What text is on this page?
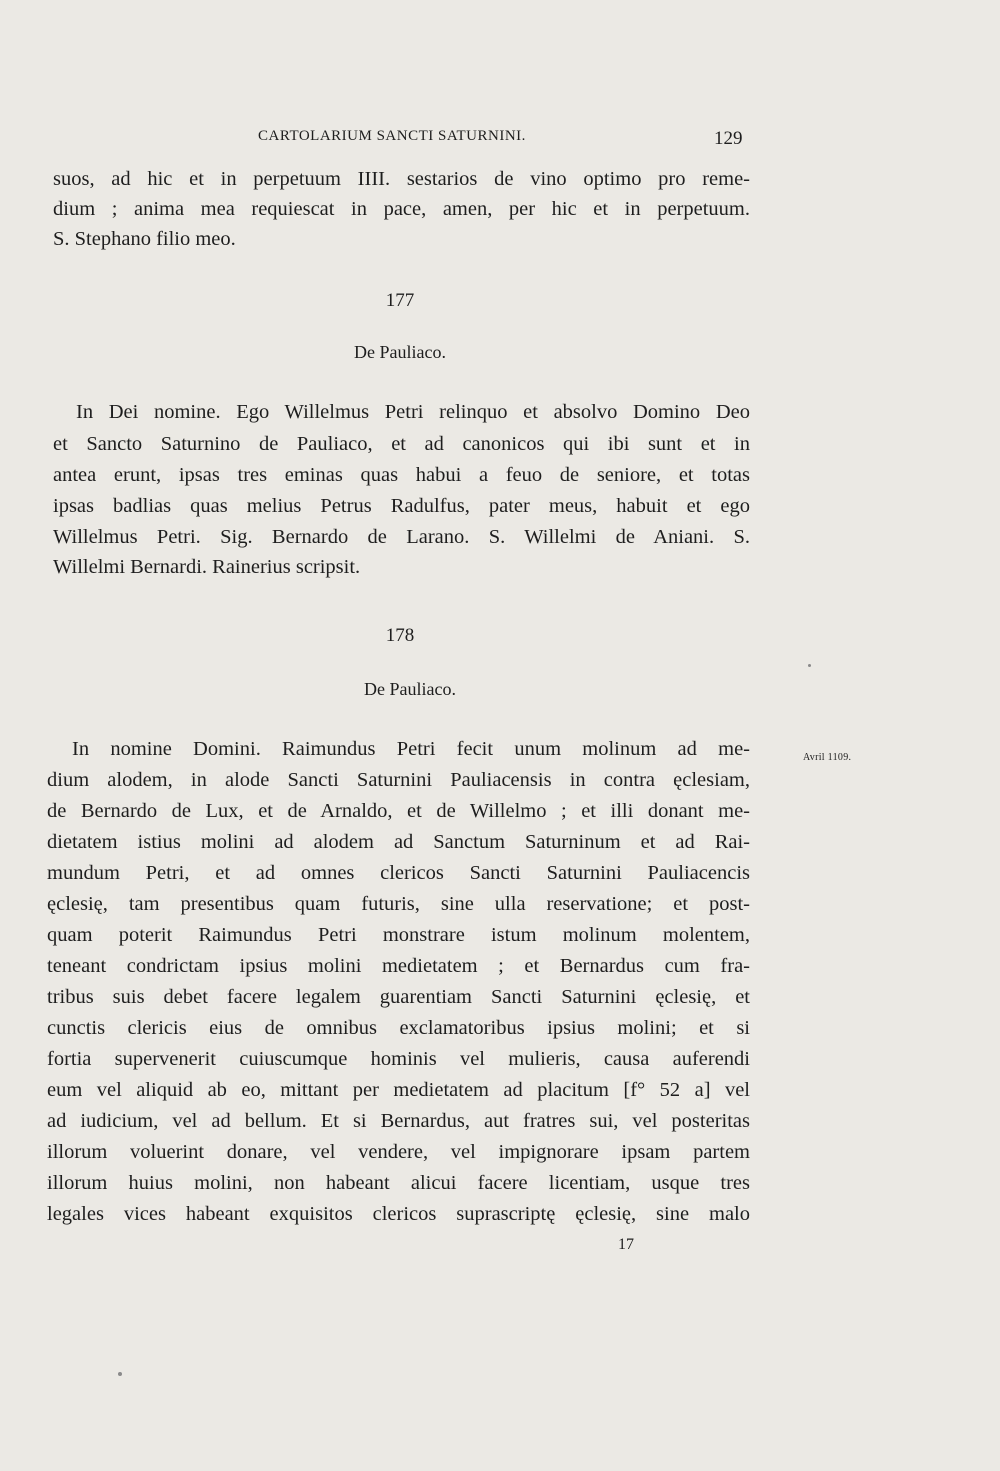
CARTOLARIUM SANCTI SATURNINI.	129
suos, ad hic et in perpetuum IIII. sestarios de vino optimo pro reme-
dium ; anima mea requiescat in pace, amen, per hic et in perpetuum.
S. Stephano filio meo.
177
De Pauliaco.
In Dei nomine. Ego Willelmus Petri relinquo et absolvo Domino Deo
et Sancto Saturnino de Pauliaco, et ad canonicos qui ibi sunt et in
antea erunt, ipsas tres eminas quas habui a feuo de seniore, et totas
ipsas badlias quas melius Petrus Radulfus, pater meus, habuit et ego
Willelmus Petri. Sig. Bernardo de Larano. S. Willelmi de Aniani. S.
Willelmi Bernardi. Rainerius scripsit.
178
De Pauliaco.
Avril 1109.
In nomine Domini. Raimundus Petri fecit unum molinum ad me-
dium alodem, in alode Sancti Saturnini Pauliacensis in contra ęclesiam,
de Bernardo de Lux, et de Arnaldo, et de Willelmo ; et illi donant me-
dietatem istius molini ad alodem ad Sanctum Saturninum et ad Rai-
mundum Petri, et ad omnes clericos Sancti Saturnini Pauliacencis
ęclesię, tam presentibus quam futuris, sine ulla reservatione; et post-
quam poterit Raimundus Petri monstrare istum molinum molentem,
teneant condrictam ipsius molini medietatem ; et Bernardus cum fra-
tribus suis debet facere legalem guarentiam Sancti Saturnini ęclesię, et
cunctis clericis eius de omnibus exclamatoribus ipsius molini; et si
fortia supervenerit cuiuscumque hominis vel mulieris, causa auferendi
eum vel aliquid ab eo, mittant per medietatem ad placitum [f° 52 a] vel
ad iudicium, vel ad bellum. Et si Bernardus, aut fratres sui, vel posteritas
illorum voluerint donare, vel vendere, vel impignorare ipsam partem
illorum huius molini, non habeant alicui facere licentiam, usque tres
legales vices habeant exquisitos clericos suprascriptę ęclesię, sine malo
17
